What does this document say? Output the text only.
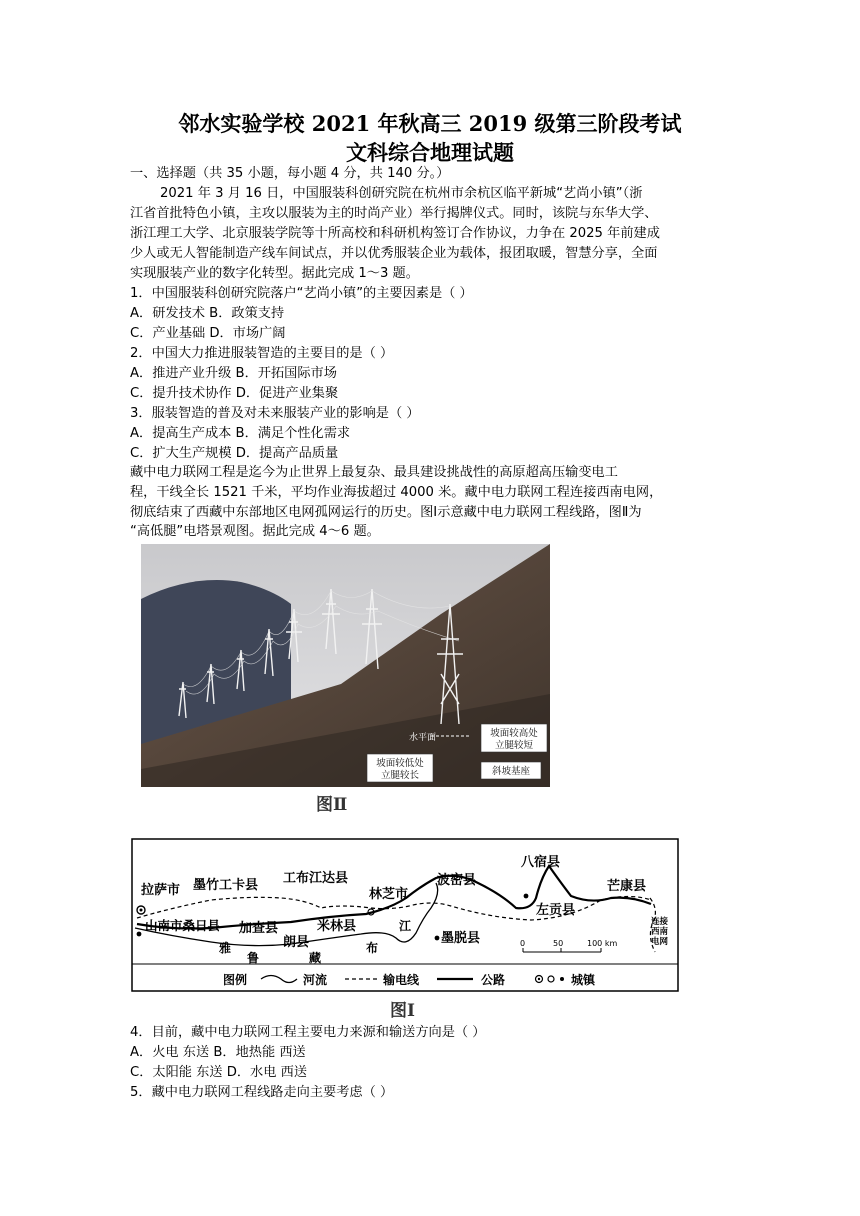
邻水实验学校 2021 年秋高三 2019 级第三阶段考试
文科综合地理试题
一、选择题（共 35 小题，每小题 4 分，共 140 分。）
2021 年 3 月 16 日，中国服装科创研究院在杭州市余杭区临平新城“艺尚小镇”（浙
江省首批特色小镇，主攻以服装为主的时尚产业）举行揭牌仪式。同时，该院与东华大学、
浙江理工大学、北京服装学院等十所高校和科研机构签订合作协议，力争在 2025 年前建成
少人或无人智能制造产线车间试点，并以优秀服装企业为载体，报团取暖，智慧分享，全面
实现服装产业的数字化转型。据此完成 1～3 题。
1．中国服装科创研究院落户“艺尚小镇”的主要因素是（ ）
A．研发技术 B．政策支持
C．产业基础 D．市场广阔
2．中国大力推进服装智造的主要目的是（ ）
A．推进产业升级 B．开拓国际市场
C．提升技术协作 D．促进产业集聚
3．服装智造的普及对未来服装产业的影响是（ ）
A．提高生产成本 B．满足个性化需求
C．扩大生产规模 D．提高产品质量
藏中电力联网工程是迄今为止世界上最复杂、最具建设挑战性的高原超高压输变电工
程，干线全长 1521 千米，平均作业海拔超过 4000 米。藏中电力联网工程连接西南电网，
彻底结束了西藏中东部地区电网孤网运行的历史。图Ⅰ示意藏中电力联网工程线路，图Ⅱ为
“高低腿”电塔景观图。据此完成 4～6 题。
水平面	坡面较高处
立腿较短
坡面较低处
立腿较长	斜坡基座
图Ⅱ
拉萨市 墨竹工卡县 工布江达县
林芝市
波密县
八宿县
芒康县
山南市桑日县 加查县
朗县
米林县
墨脱县
左贡县
雅
鲁	藏
布
江	连接
西南
电网
0	50	100 km
图例	河流	输电线	公路	城镇
图Ⅰ
4．目前，藏中电力联网工程主要电力来源和输送方向是（ ）
A．火电 东送 B．地热能 西送
C．太阳能 东送 D．水电 西送
5．藏中电力联网工程线路走向主要考虑（ ）
